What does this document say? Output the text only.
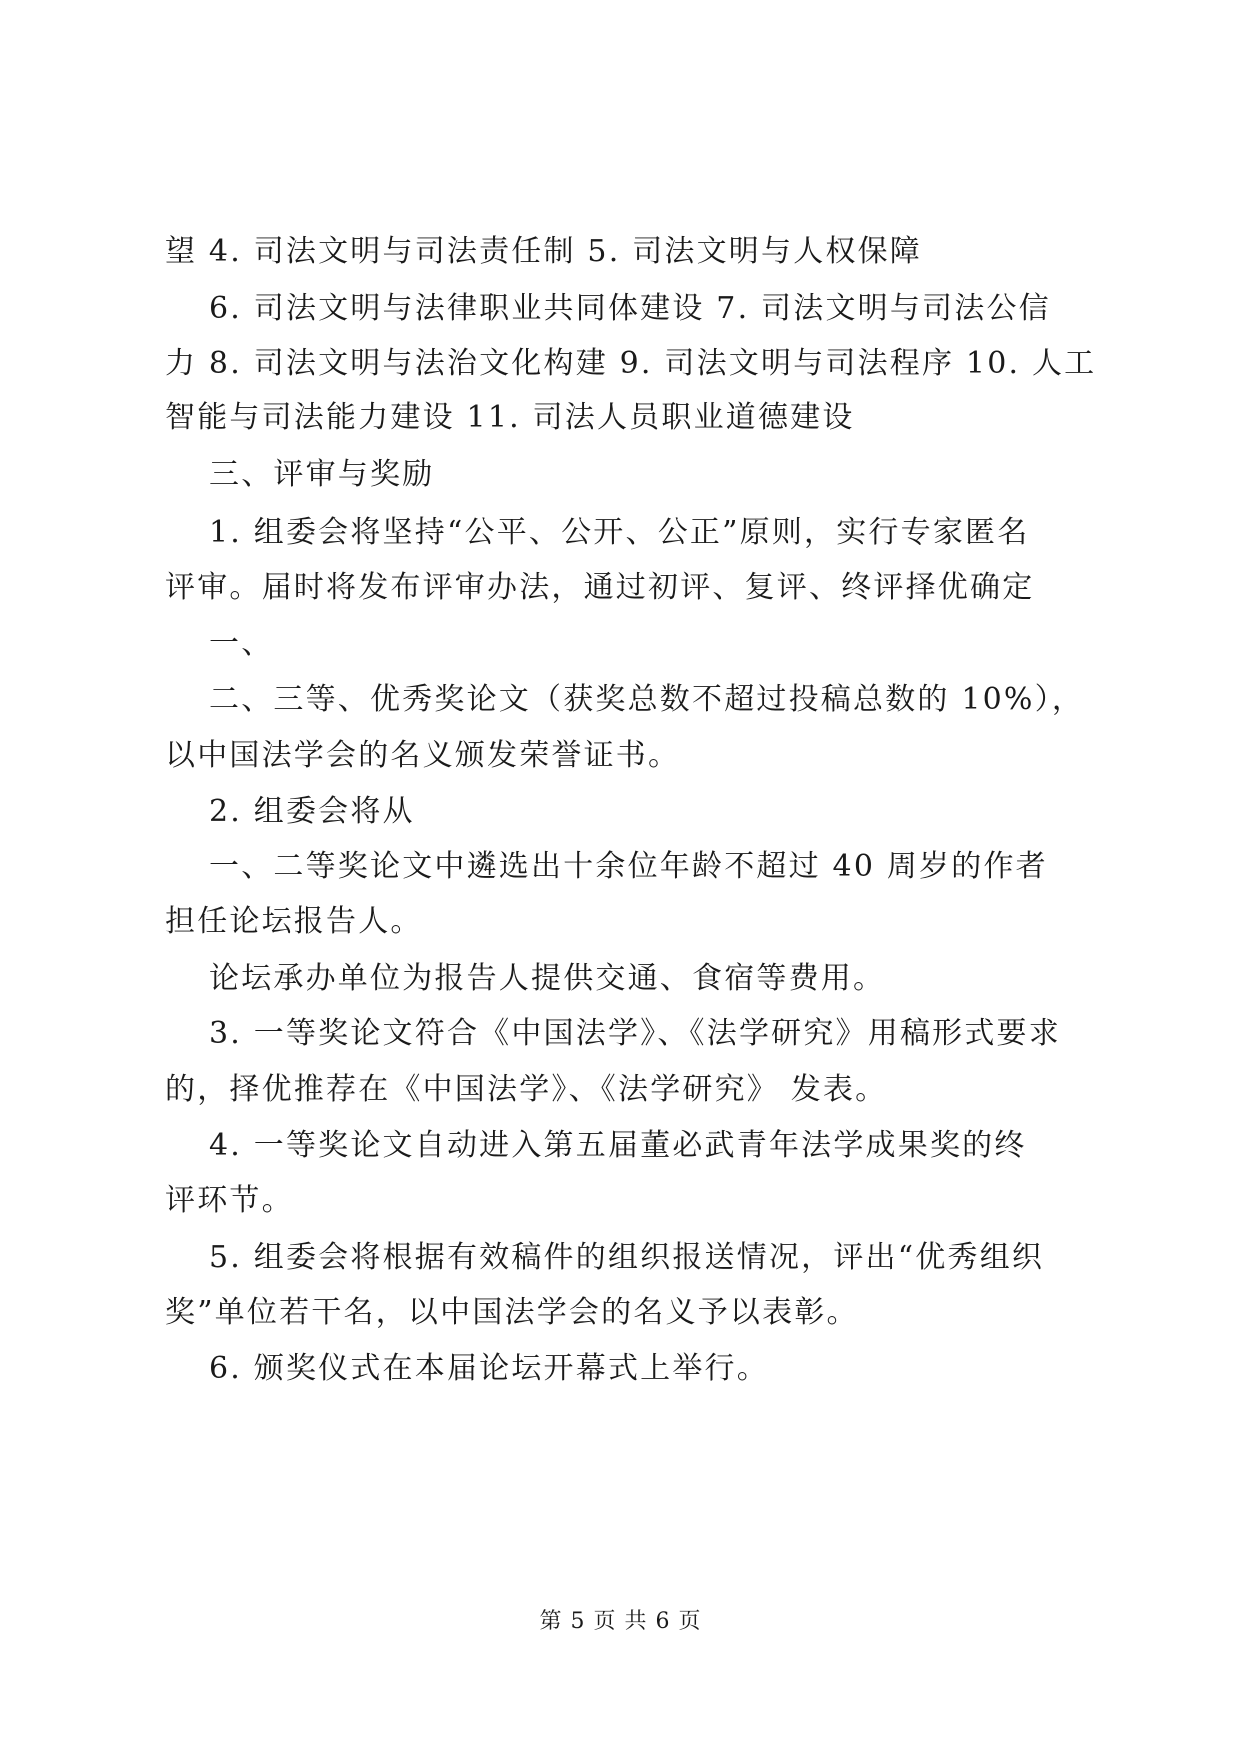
望 4. 司法文明与司法责任制 5. 司法文明与人权保障
6. 司法文明与法律职业共同体建设 7. 司法文明与司法公信
力 8. 司法文明与法治文化构建 9. 司法文明与司法程序 10. 人工
智能与司法能力建设 11. 司法人员职业道德建设
三、评审与奖励
1. 组委会将坚持“公平、公开、公正”原则，实行专家匿名
评审。届时将发布评审办法，通过初评、复评、终评择优确定
一、
二、三等、优秀奖论文（获奖总数不超过投稿总数的 10%），
以中国法学会的名义颁发荣誉证书。
2. 组委会将从
一、二等奖论文中遴选出十余位年龄不超过 40 周岁的作者
担任论坛报告人。
论坛承办单位为报告人提供交通、食宿等费用。
3. 一等奖论文符合《中国法学》、《法学研究》用稿形式要求
的，择优推荐在《中国法学》、《法学研究》 发表。
4. 一等奖论文自动进入第五届董必武青年法学成果奖的终
评环节。
5. 组委会将根据有效稿件的组织报送情况，评出“优秀组织
奖”单位若干名，以中国法学会的名义予以表彰。
6. 颁奖仪式在本届论坛开幕式上举行。
第 5 页 共 6 页
